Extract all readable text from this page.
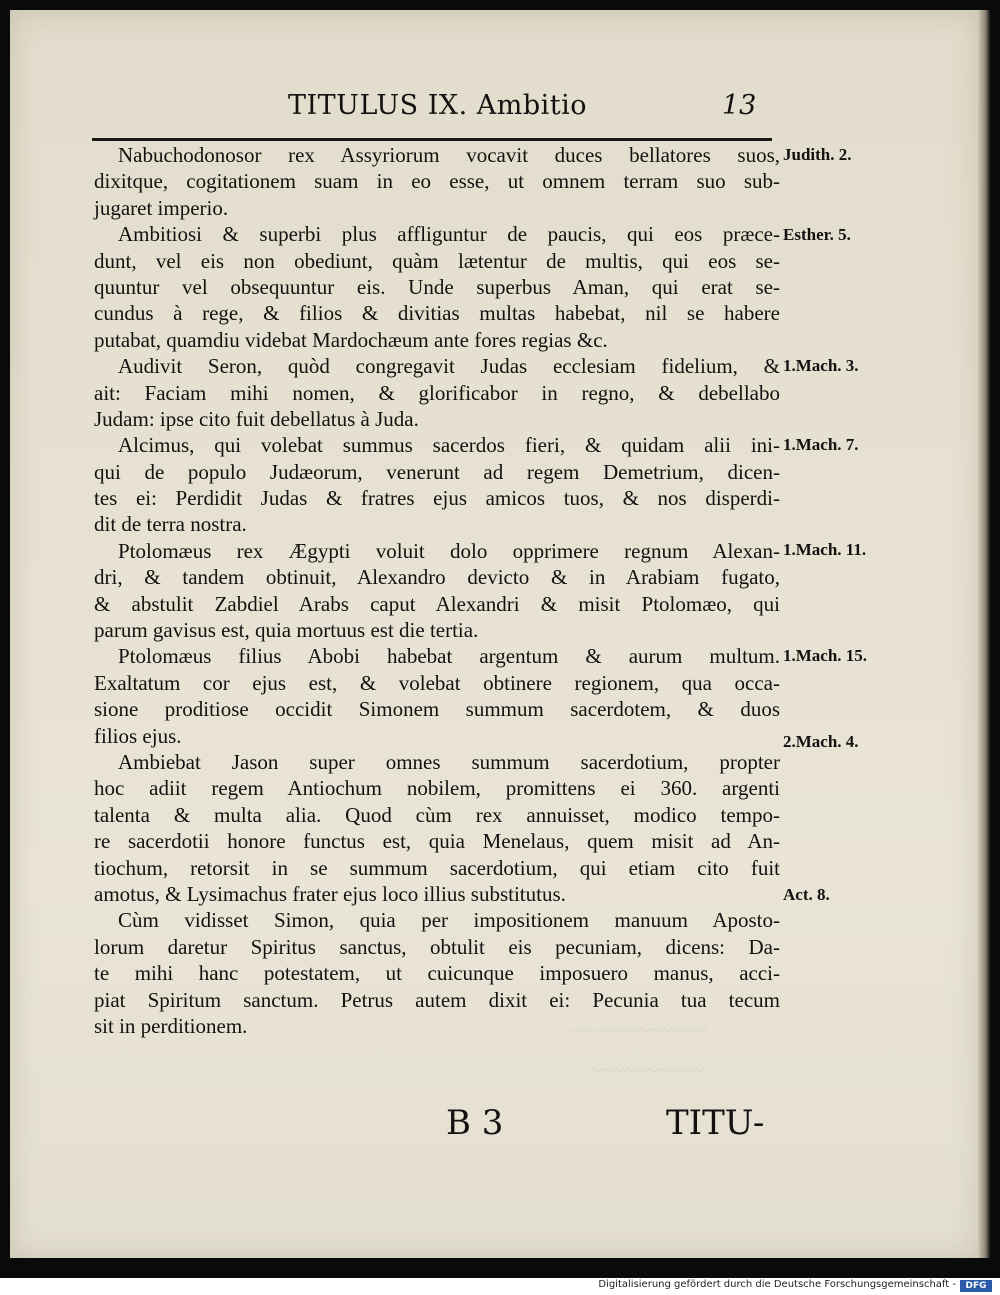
~~~~~~~~~~~~
~~~~~~~~~~
TITULUS IX. Ambitio	13
Nabuchodonosor rex Assyriorum vocavit duces bellatores suos,
dixitque, cogitationem suam in eo esse, ut omnem terram suo sub-
jugaret imperio.
Ambitiosi & superbi plus affliguntur de paucis, qui eos præce-
dunt, vel eis non obediunt, quàm lætentur de multis, qui eos se-
quuntur vel obsequuntur eis. Unde superbus Aman, qui erat se-
cundus à rege, & filios & divitias multas habebat, nil se habere
putabat, quamdiu videbat Mardochæum ante fores regias &c.
Audivit Seron, quòd congregavit Judas ecclesiam fidelium, &
ait: Faciam mihi nomen, & glorificabor in regno, & debellabo
Judam: ipse cito fuit debellatus à Juda.
Alcimus, qui volebat summus sacerdos fieri, & quidam alii ini-
qui de populo Judæorum, venerunt ad regem Demetrium, dicen-
tes ei: Perdidit Judas & fratres ejus amicos tuos, & nos disperdi-
dit de terra nostra.
Ptolomæus rex Ægypti voluit dolo opprimere regnum Alexan-
dri, & tandem obtinuit, Alexandro devicto & in Arabiam fugato,
& abstulit Zabdiel Arabs caput Alexandri & misit Ptolomæo, qui
parum gavisus est, quia mortuus est die tertia.
Ptolomæus filius Abobi habebat argentum & aurum multum.
Exaltatum cor ejus est, & volebat obtinere regionem, qua occa-
sione proditiose occidit Simonem summum sacerdotem, & duos
filios ejus.
Ambiebat Jason super omnes summum sacerdotium, propter
hoc adiit regem Antiochum nobilem, promittens ei 360. argenti
talenta & multa alia. Quod cùm rex annuisset, modico tempo-
re sacerdotii honore functus est, quia Menelaus, quem misit ad An-
tiochum, retorsit in se summum sacerdotium, qui etiam cito fuit
amotus, & Lysimachus frater ejus loco illius substitutus.
Cùm vidisset Simon, quia per impositionem manuum Aposto-
lorum daretur Spiritus sanctus, obtulit eis pecuniam, dicens: Da-
te mihi hanc potestatem, ut cuicunque imposuero manus, acci-
piat Spiritum sanctum. Petrus autem dixit ei: Pecunia tua tecum
sit in perditionem.
Judith. 2.
Esther. 5.
1.Mach. 3.
1.Mach. 7.
1.Mach. 11.
1.Mach. 15.
2.Mach. 4.
Act. 8.
B 3	TITU-
Digitalisierung gefördert durch die Deutsche Forschungsgemeinschaft -	DFG
